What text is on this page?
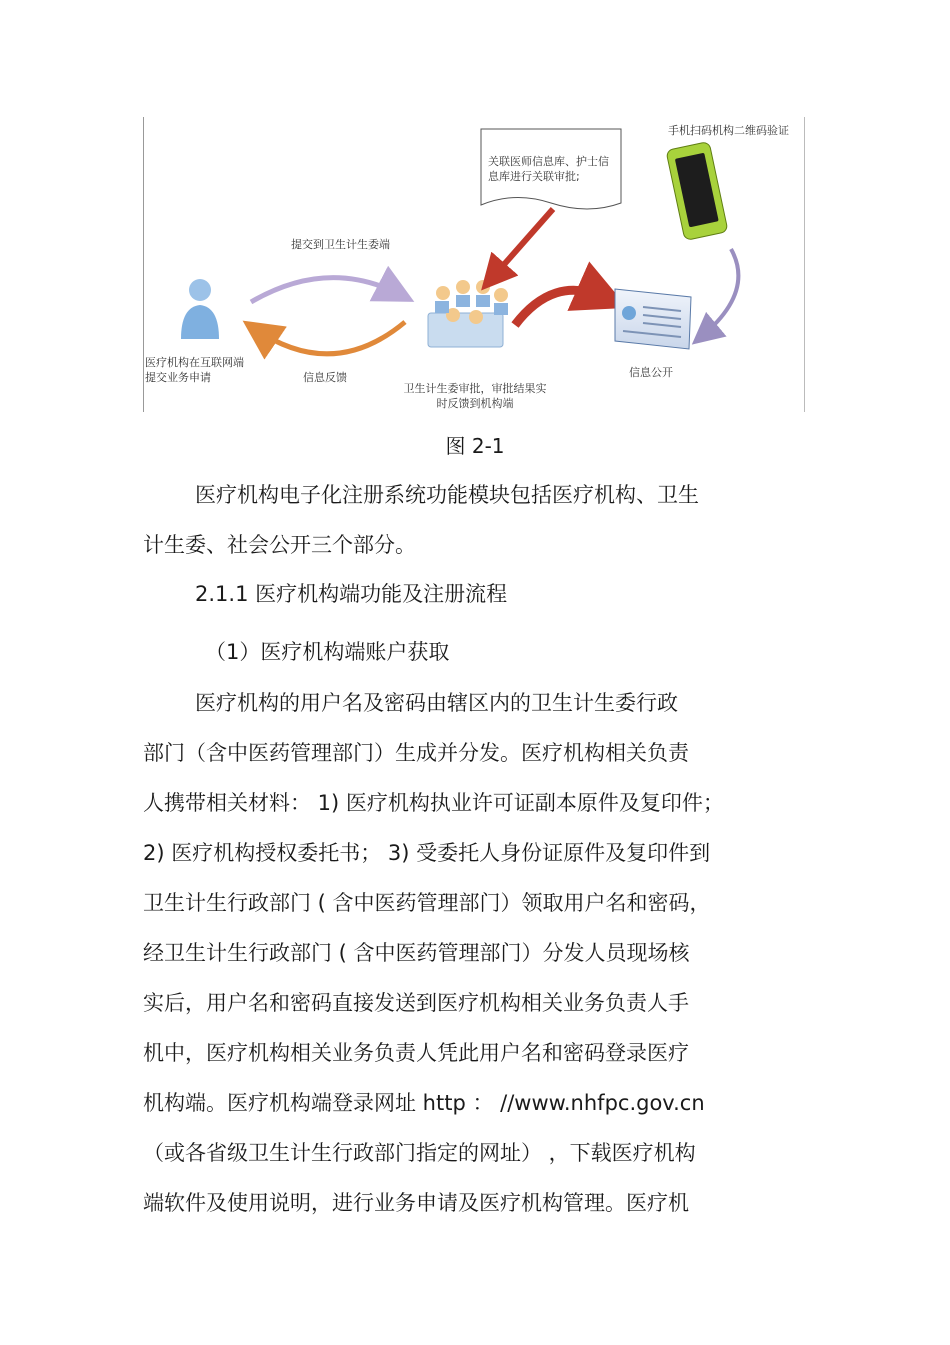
关联医师信息库、护士信息库进行关联审批;
手机扫码机构二维码验证
提交到卫生计生委端
医疗机构在互联网端提交业务申请	信息反馈
卫生计生委审批，审批结果实时反馈到机构端
信息公开
图 2-1
医疗机构电子化注册系统功能模块包括医疗机构、卫生
计生委、社会公开三个部分。
2.1.1 医疗机构端功能及注册流程
（1）医疗机构端账户获取
医疗机构的用户名及密码由辖区内的卫生计生委行政
部门（含中医药管理部门）生成并分发。医疗机构相关负责
人携带相关材料： 1) 医疗机构执业许可证副本原件及复印件；
2) 医疗机构授权委托书； 3) 受委托人身份证原件及复印件到
卫生计生行政部门 ( 含中医药管理部门）领取用户名和密码，
经卫生计生行政部门 ( 含中医药管理部门）分发人员现场核
实后，用户名和密码直接发送到医疗机构相关业务负责人手
机中，医疗机构相关业务负责人凭此用户名和密码登录医疗
机构端。医疗机构端登录网址 http ： //www.nhfpc.gov.cn
（或各省级卫生计生行政部门指定的网址） ，下载医疗机构
端软件及使用说明，进行业务申请及医疗机构管理。医疗机
